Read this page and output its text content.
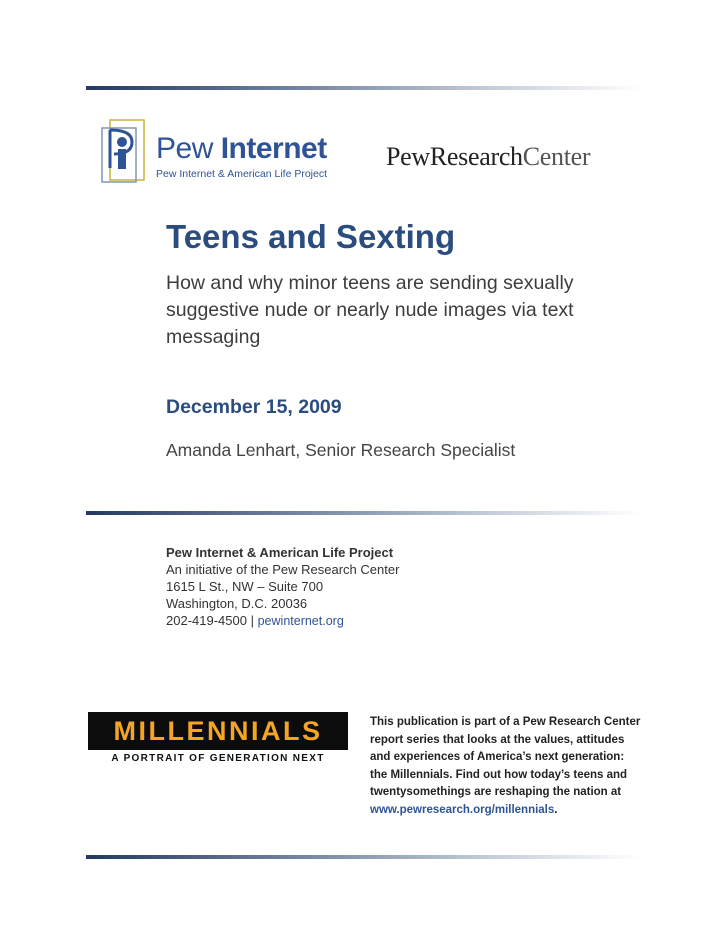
Pew Internet
Pew Internet & American Life Project
PewResearchCenter
Teens and Sexting

How and why minor teens are sending sexually suggestive nude or nearly nude images via text messaging

December 15, 2009
Amanda Lenhart, Senior Research Specialist
Pew Internet & American Life Project
An initiative of the Pew Research Center
1615 L St., NW – Suite 700
Washington, D.C. 20036
202-419-4500 | pewinternet.org
MILLENNIALS
A PORTRAIT OF GENERATION NEXT
This publication is part of a Pew Research Center report series that looks at the values, attitudes and experiences of America’s next generation: the Millennials. Find out how today’s teens and twentysomethings are reshaping the nation at www.pewresearch.org/millennials.
